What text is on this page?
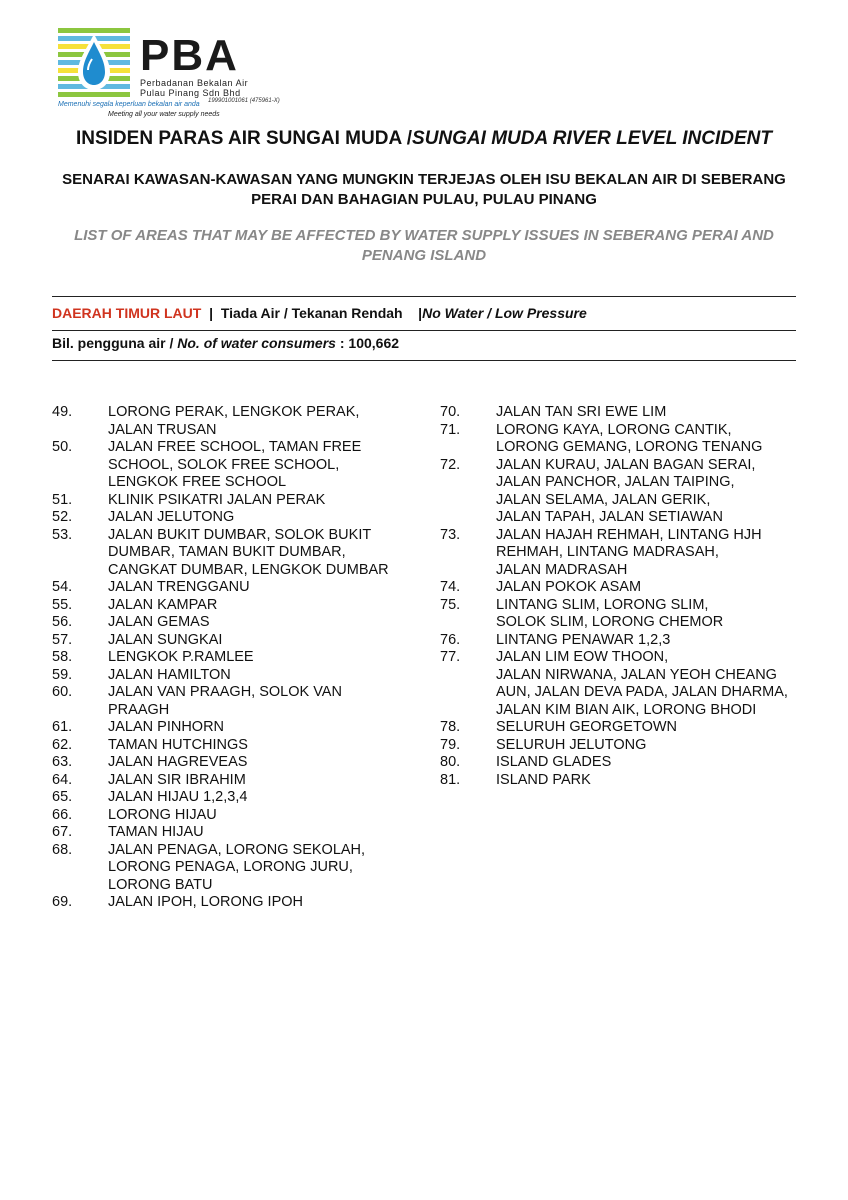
PBA
Perbadanan Bekalan Air
Pulau Pinang Sdn Bhd
199901001061 (475961-X)
Memenuhi segala keperluan bekalan air anda
Meeting all your water supply needs
INSIDEN PARAS AIR SUNGAI MUDA /SUNGAI MUDA RIVER LEVEL INCIDENT
SENARAI KAWASAN-KAWASAN YANG MUNGKIN TERJEJAS OLEH ISU BEKALAN AIR DI SEBERANG PERAI DAN BAHAGIAN PULAU, PULAU PINANG
LIST OF AREAS THAT MAY BE AFFECTED BY WATER SUPPLY ISSUES IN SEBERANG PERAI AND PENANG ISLAND
DAERAH TIMUR LAUT  |  Tiada Air / Tekanan Rendah    |No Water / Low Pressure
Bil. pengguna air / No. of water consumers : 100,662
49.	LORONG PERAK, LENGKOK PERAK,
JALAN TRUSAN
50.	JALAN FREE SCHOOL, TAMAN FREE
SCHOOL, SOLOK FREE SCHOOL,
LENGKOK FREE SCHOOL
51.	KLINIK PSIKATRI JALAN PERAK
52.	JALAN JELUTONG
53.	JALAN BUKIT DUMBAR, SOLOK BUKIT
DUMBAR, TAMAN BUKIT DUMBAR,
CANGKAT DUMBAR, LENGKOK DUMBAR
54.	JALAN TRENGGANU
55.	JALAN KAMPAR
56.	JALAN GEMAS
57.	JALAN SUNGKAI
58.	LENGKOK P.RAMLEE
59.	JALAN HAMILTON
60.	JALAN VAN PRAAGH, SOLOK VAN
PRAAGH
61.	JALAN PINHORN
62.	TAMAN HUTCHINGS
63.	JALAN HAGREVEAS
64.	JALAN SIR IBRAHIM
65.	JALAN HIJAU 1,2,3,4
66.	LORONG HIJAU
67.	TAMAN HIJAU
68.	JALAN PENAGA, LORONG SEKOLAH,
LORONG PENAGA, LORONG JURU,
LORONG BATU
69.	JALAN IPOH, LORONG IPOH
70.	JALAN TAN SRI EWE LIM
71.	LORONG KAYA, LORONG CANTIK,
LORONG GEMANG, LORONG TENANG
72.	JALAN KURAU, JALAN BAGAN SERAI,
JALAN PANCHOR, JALAN TAIPING,
JALAN SELAMA, JALAN GERIK,
JALAN TAPAH, JALAN SETIAWAN
73.	JALAN HAJAH REHMAH, LINTANG HJH
REHMAH, LINTANG MADRASAH,
JALAN MADRASAH
74.	JALAN POKOK ASAM
75.	LINTANG SLIM, LORONG SLIM,
SOLOK SLIM, LORONG CHEMOR
76.	LINTANG PENAWAR 1,2,3
77.	JALAN LIM EOW THOON,
JALAN NIRWANA, JALAN YEOH CHEANG
AUN, JALAN DEVA PADA, JALAN DHARMA,
JALAN KIM BIAN AIK, LORONG BHODI
78.	SELURUH GEORGETOWN
79.	SELURUH JELUTONG
80.	ISLAND GLADES
81.	ISLAND PARK
